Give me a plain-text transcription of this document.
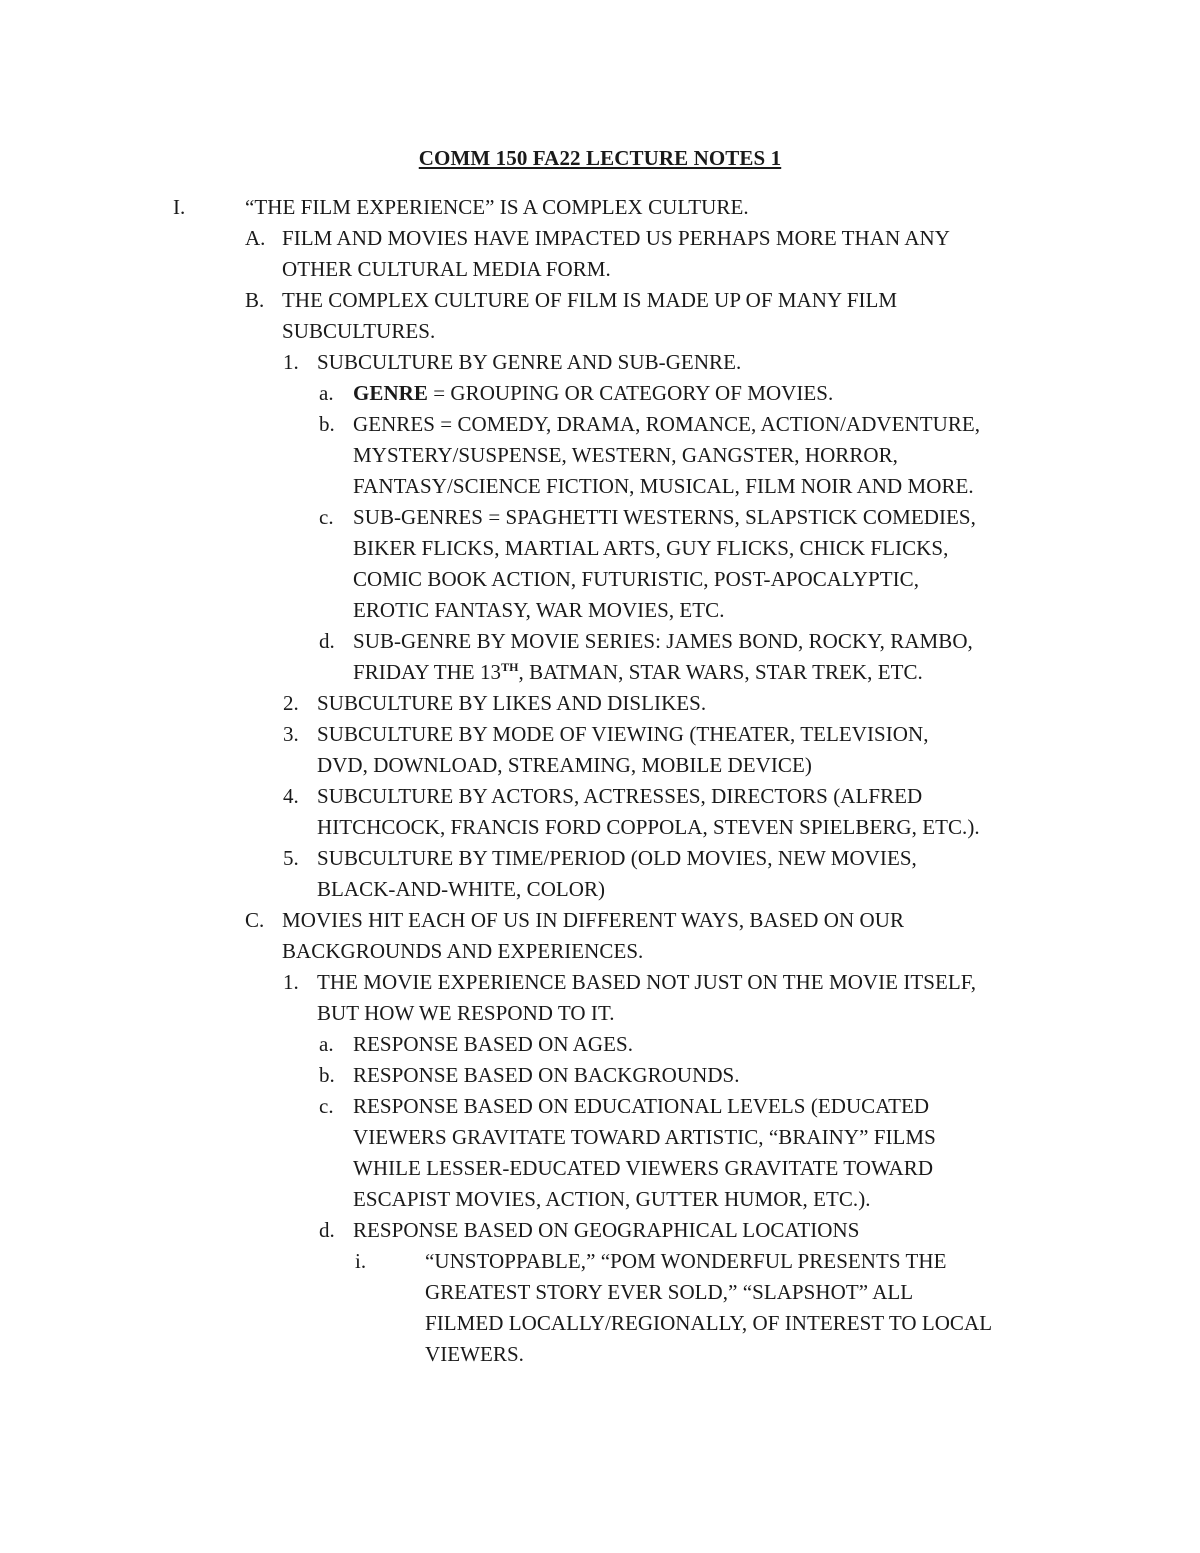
COMM 150 FA22 LECTURE NOTES 1
I.	“THE FILM EXPERIENCE” IS A COMPLEX CULTURE.
A. FILM AND MOVIES HAVE IMPACTED US PERHAPS MORE THAN ANY
OTHER CULTURAL MEDIA FORM.
B. THE COMPLEX CULTURE OF FILM IS MADE UP OF MANY FILM
SUBCULTURES.
1. SUBCULTURE BY GENRE AND SUB-GENRE.
a. GENRE = GROUPING OR CATEGORY OF MOVIES.
b. GENRES = COMEDY, DRAMA, ROMANCE, ACTION/ADVENTURE,
MYSTERY/SUSPENSE, WESTERN, GANGSTER, HORROR,
FANTASY/SCIENCE FICTION, MUSICAL, FILM NOIR AND MORE.
c. SUB-GENRES = SPAGHETTI WESTERNS, SLAPSTICK COMEDIES,
BIKER FLICKS, MARTIAL ARTS, GUY FLICKS, CHICK FLICKS,
COMIC BOOK ACTION, FUTURISTIC, POST-APOCALYPTIC,
EROTIC FANTASY, WAR MOVIES, ETC.
d. SUB-GENRE BY MOVIE SERIES: JAMES BOND, ROCKY, RAMBO,
FRIDAY THE 13TH, BATMAN, STAR WARS, STAR TREK, ETC.
2. SUBCULTURE BY LIKES AND DISLIKES.
3. SUBCULTURE BY MODE OF VIEWING (THEATER, TELEVISION,
DVD, DOWNLOAD, STREAMING, MOBILE DEVICE)
4. SUBCULTURE BY ACTORS, ACTRESSES, DIRECTORS (ALFRED
HITCHCOCK, FRANCIS FORD COPPOLA, STEVEN SPIELBERG, ETC.).
5. SUBCULTURE BY TIME/PERIOD (OLD MOVIES, NEW MOVIES,
BLACK-AND-WHITE, COLOR)
C. MOVIES HIT EACH OF US IN DIFFERENT WAYS, BASED ON OUR
BACKGROUNDS AND EXPERIENCES.
1. THE MOVIE EXPERIENCE BASED NOT JUST ON THE MOVIE ITSELF,
BUT HOW WE RESPOND TO IT.
a. RESPONSE BASED ON AGES.
b. RESPONSE BASED ON BACKGROUNDS.
c. RESPONSE BASED ON EDUCATIONAL LEVELS (EDUCATED
VIEWERS GRAVITATE TOWARD ARTISTIC, “BRAINY” FILMS
WHILE LESSER-EDUCATED VIEWERS GRAVITATE TOWARD
ESCAPIST MOVIES, ACTION, GUTTER HUMOR, ETC.).
d. RESPONSE BASED ON GEOGRAPHICAL LOCATIONS
i.	“UNSTOPPABLE,” “POM WONDERFUL PRESENTS THE
GREATEST STORY EVER SOLD,” “SLAPSHOT” ALL
FILMED LOCALLY/REGIONALLY, OF INTEREST TO LOCAL
VIEWERS.
